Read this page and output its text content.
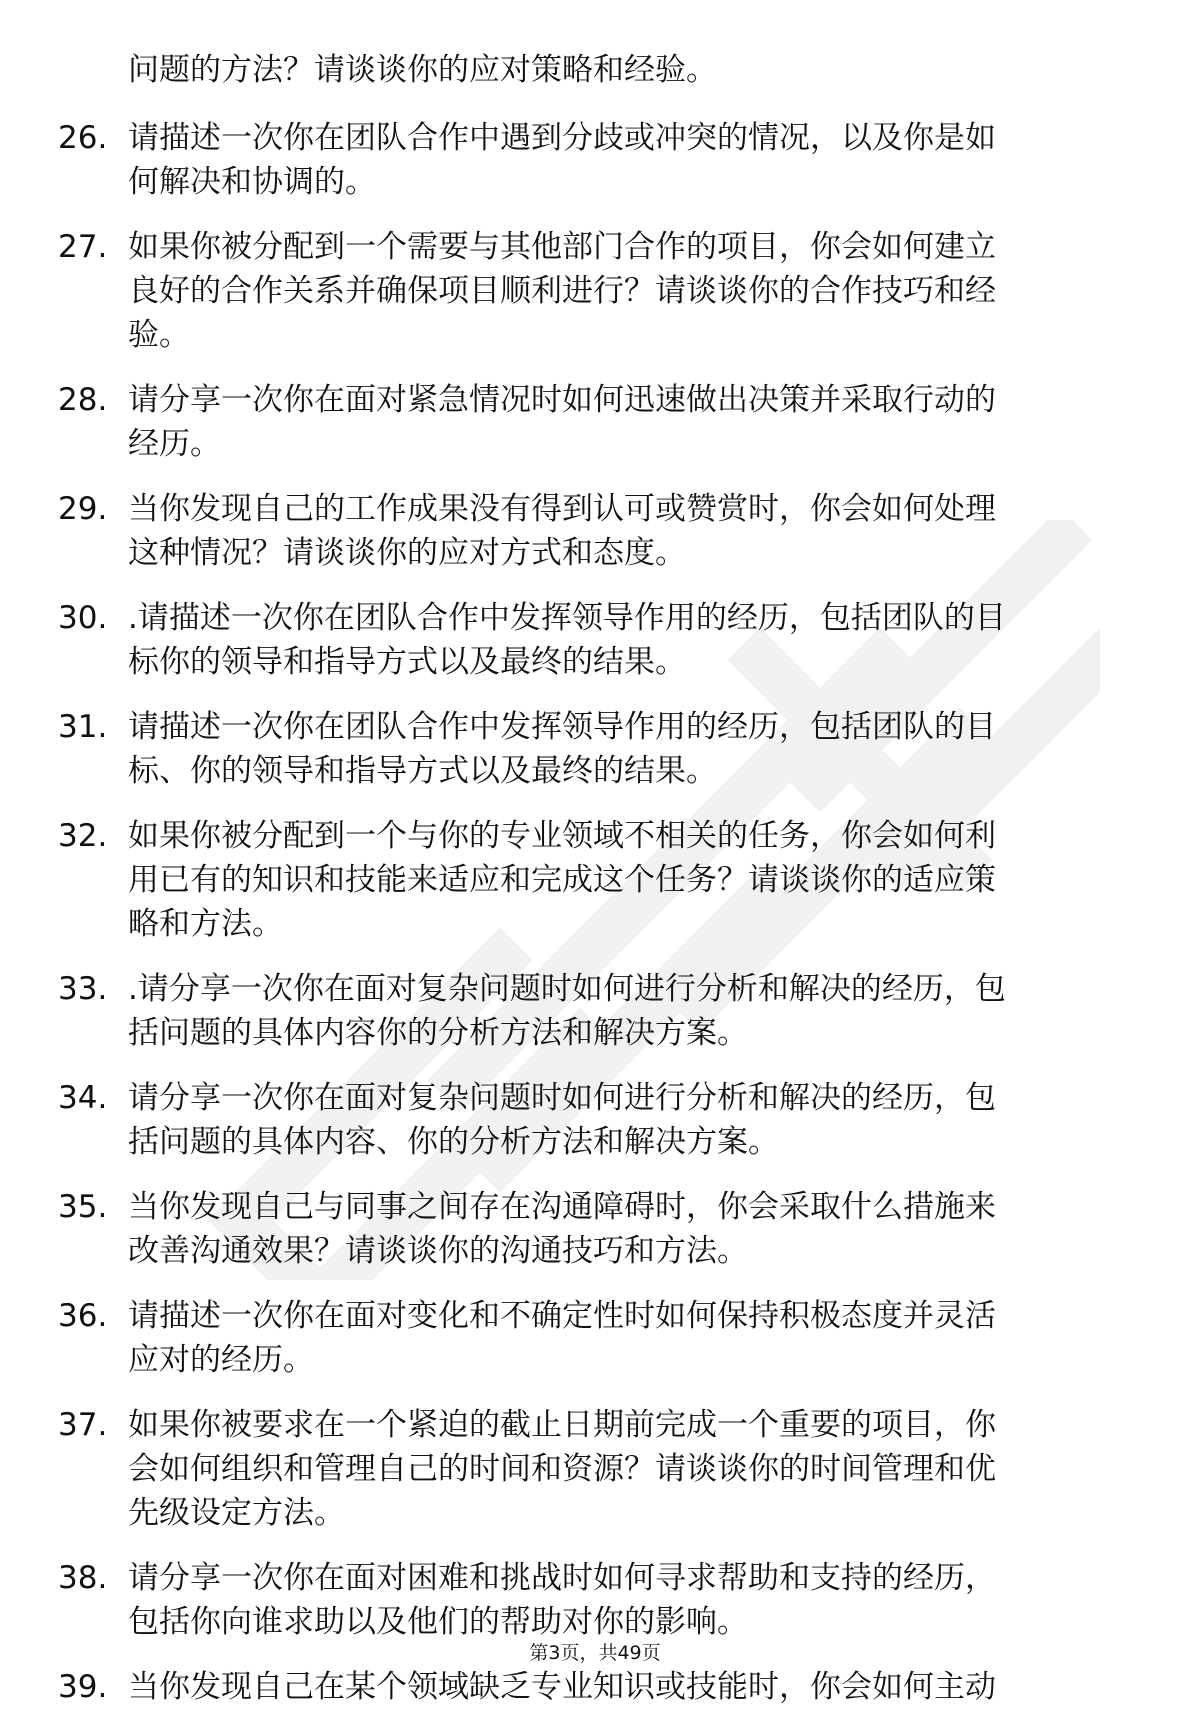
问题的方法？请谈谈你的应对策略和经验。
26. 请描述一次你在团队合作中遇到分歧或冲突的情况，以及你是如
何解决和协调的。
27. 如果你被分配到一个需要与其他部门合作的项目，你会如何建立
良好的合作关系并确保项目顺利进行？请谈谈你的合作技巧和经
验。
28. 请分享一次你在面对紧急情况时如何迅速做出决策并采取行动的
经历。
29. 当你发现自己的工作成果没有得到认可或赞赏时，你会如何处理
这种情况？请谈谈你的应对方式和态度。
30. .请描述一次你在团队合作中发挥领导作用的经历，包括团队的目
标你的领导和指导方式以及最终的结果。
31. 请描述一次你在团队合作中发挥领导作用的经历，包括团队的目
标、你的领导和指导方式以及最终的结果。
32. 如果你被分配到一个与你的专业领域不相关的任务，你会如何利
用已有的知识和技能来适应和完成这个任务？请谈谈你的适应策
略和方法。
33. .请分享一次你在面对复杂问题时如何进行分析和解决的经历，包
括问题的具体内容你的分析方法和解决方案。
34. 请分享一次你在面对复杂问题时如何进行分析和解决的经历，包
括问题的具体内容、你的分析方法和解决方案。
35. 当你发现自己与同事之间存在沟通障碍时，你会采取什么措施来
改善沟通效果？请谈谈你的沟通技巧和方法。
36. 请描述一次你在面对变化和不确定性时如何保持积极态度并灵活
应对的经历。
37. 如果你被要求在一个紧迫的截止日期前完成一个重要的项目，你
会如何组织和管理自己的时间和资源？请谈谈你的时间管理和优
先级设定方法。
38. 请分享一次你在面对困难和挑战时如何寻求帮助和支持的经历，
包括你向谁求助以及他们的帮助对你的影响。
39. 当你发现自己在某个领域缺乏专业知识或技能时，你会如何主动
第3页，共49页
